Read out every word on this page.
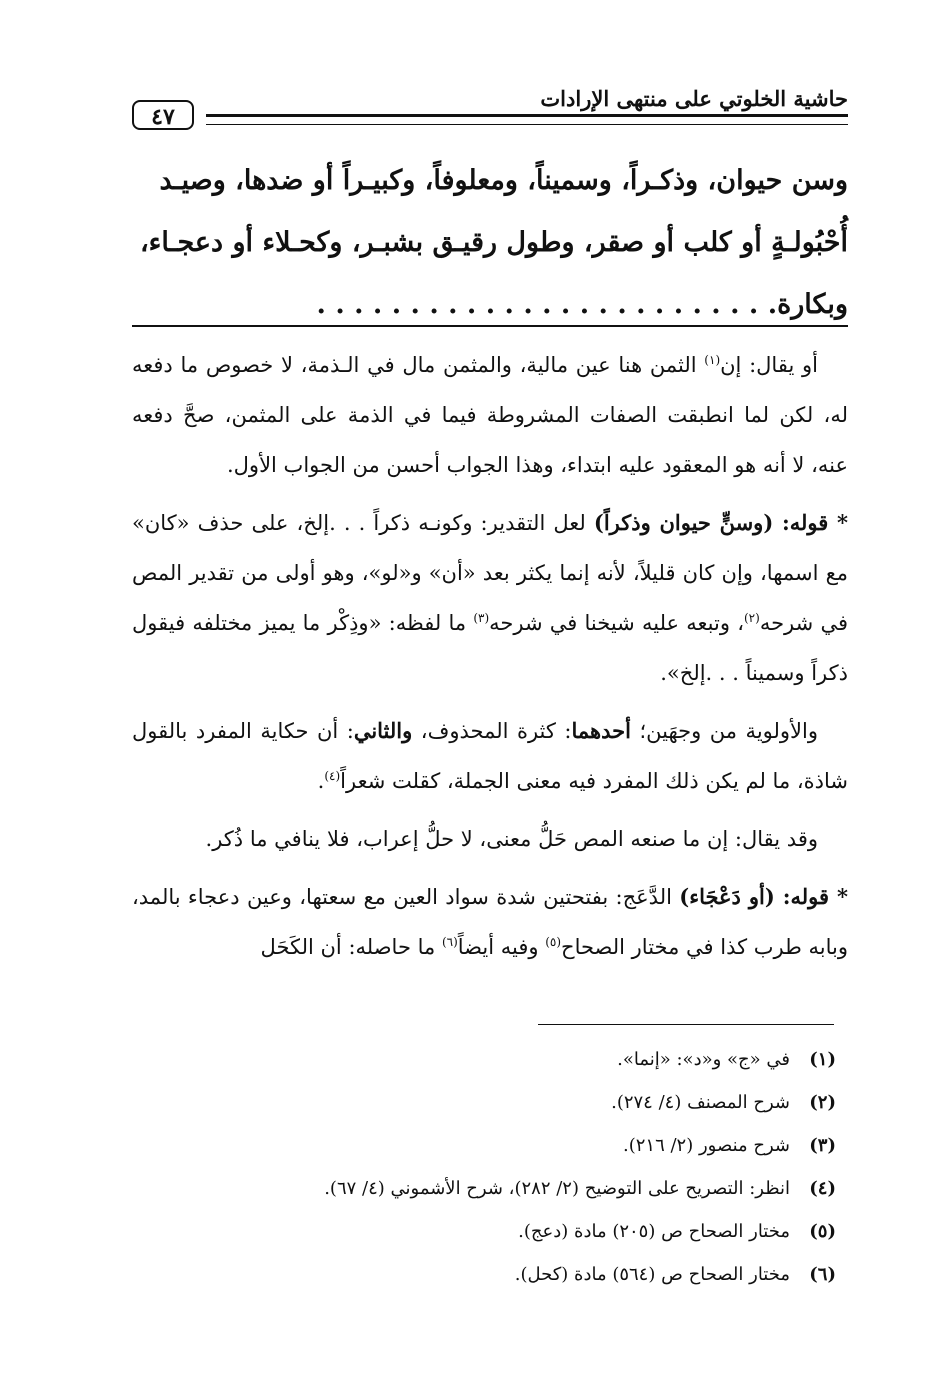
حاشية الخلوتي على منتهى الإرادات
٤٧
وسن حيوان، وذكـراً، وسميناً، ومعلوفاً، وكبيـراً أو ضدها، وصيـد
أُحْبُولـةٍ أو كلب أو صقر، وطول رقيـق بشبـر، وكحـلاء أو دعجـاء،
وبكارة. . . . . . . . . . . . . . . . . . . . . . . . .

أو يقال: إن$^{(١)}$ الثمن هنا عين مالية، والمثمن مال في الـذمة، لا خصوص ما دفعه له، لكن لما انطبقت الصفات المشروطة فيما في الذمة على المثمن، صحَّ دفعه عنه، لا أنه هو المعقود عليه ابتداء، وهذا الجواب أحسن من الجواب الأول.

* قوله: (وسنٍّ حيوان وذكراً) لعل التقدير: وكونـه ذكراً . . .إلخ، على حذف «كان» مع اسمها، وإن كان قليلاً، لأنه إنما يكثر بعد «أن» و«لو»، وهو أولى من تقدير المص في شرحه$^{(٢)}$، وتبعه عليه شيخنا في شرحه$^{(٣)}$ ما لفظه: «وذِكْر ما يميز مختلفه فيقول ذكراً وسميناً . . .إلخ».

والأولوية من وجهَين؛ أحدهما: كثرة المحذوف، والثاني: أن حكاية المفرد بالقول شاذة، ما لم يكن ذلك المفرد فيه معنى الجملة، كقلت شعراً$^{(٤)}$.

وقد يقال: إن ما صنعه المص حَلُّ معنى، لا حلُّ إعراب، فلا ينافي ما ذُكر.

* قوله: (أو دَعْجَاء) الدَّعَج: بفتحتين شدة سواد العين مع سعتها، وعين دعجاء بالمد، وبابه طرب كذا في مختار الصحاح$^{(٥)}$ وفيه أيضاً$^{(٦)}$ ما حاصله: أن الكَحَل

(١)
في «ج» و«د»: «إنما».
(٢)
شرح المصنف (٤/ ٢٧٤).
(٣)
شرح منصور (٢/ ٢١٦).
(٤)
انظر: التصريح على التوضيح (٢/ ٢٨٢)، شرح الأشموني (٤/ ٦٧).
(٥)
مختار الصحاح ص (٢٠٥) مادة (دعج).
(٦)
مختار الصحاح ص (٥٦٤) مادة (كحل).
